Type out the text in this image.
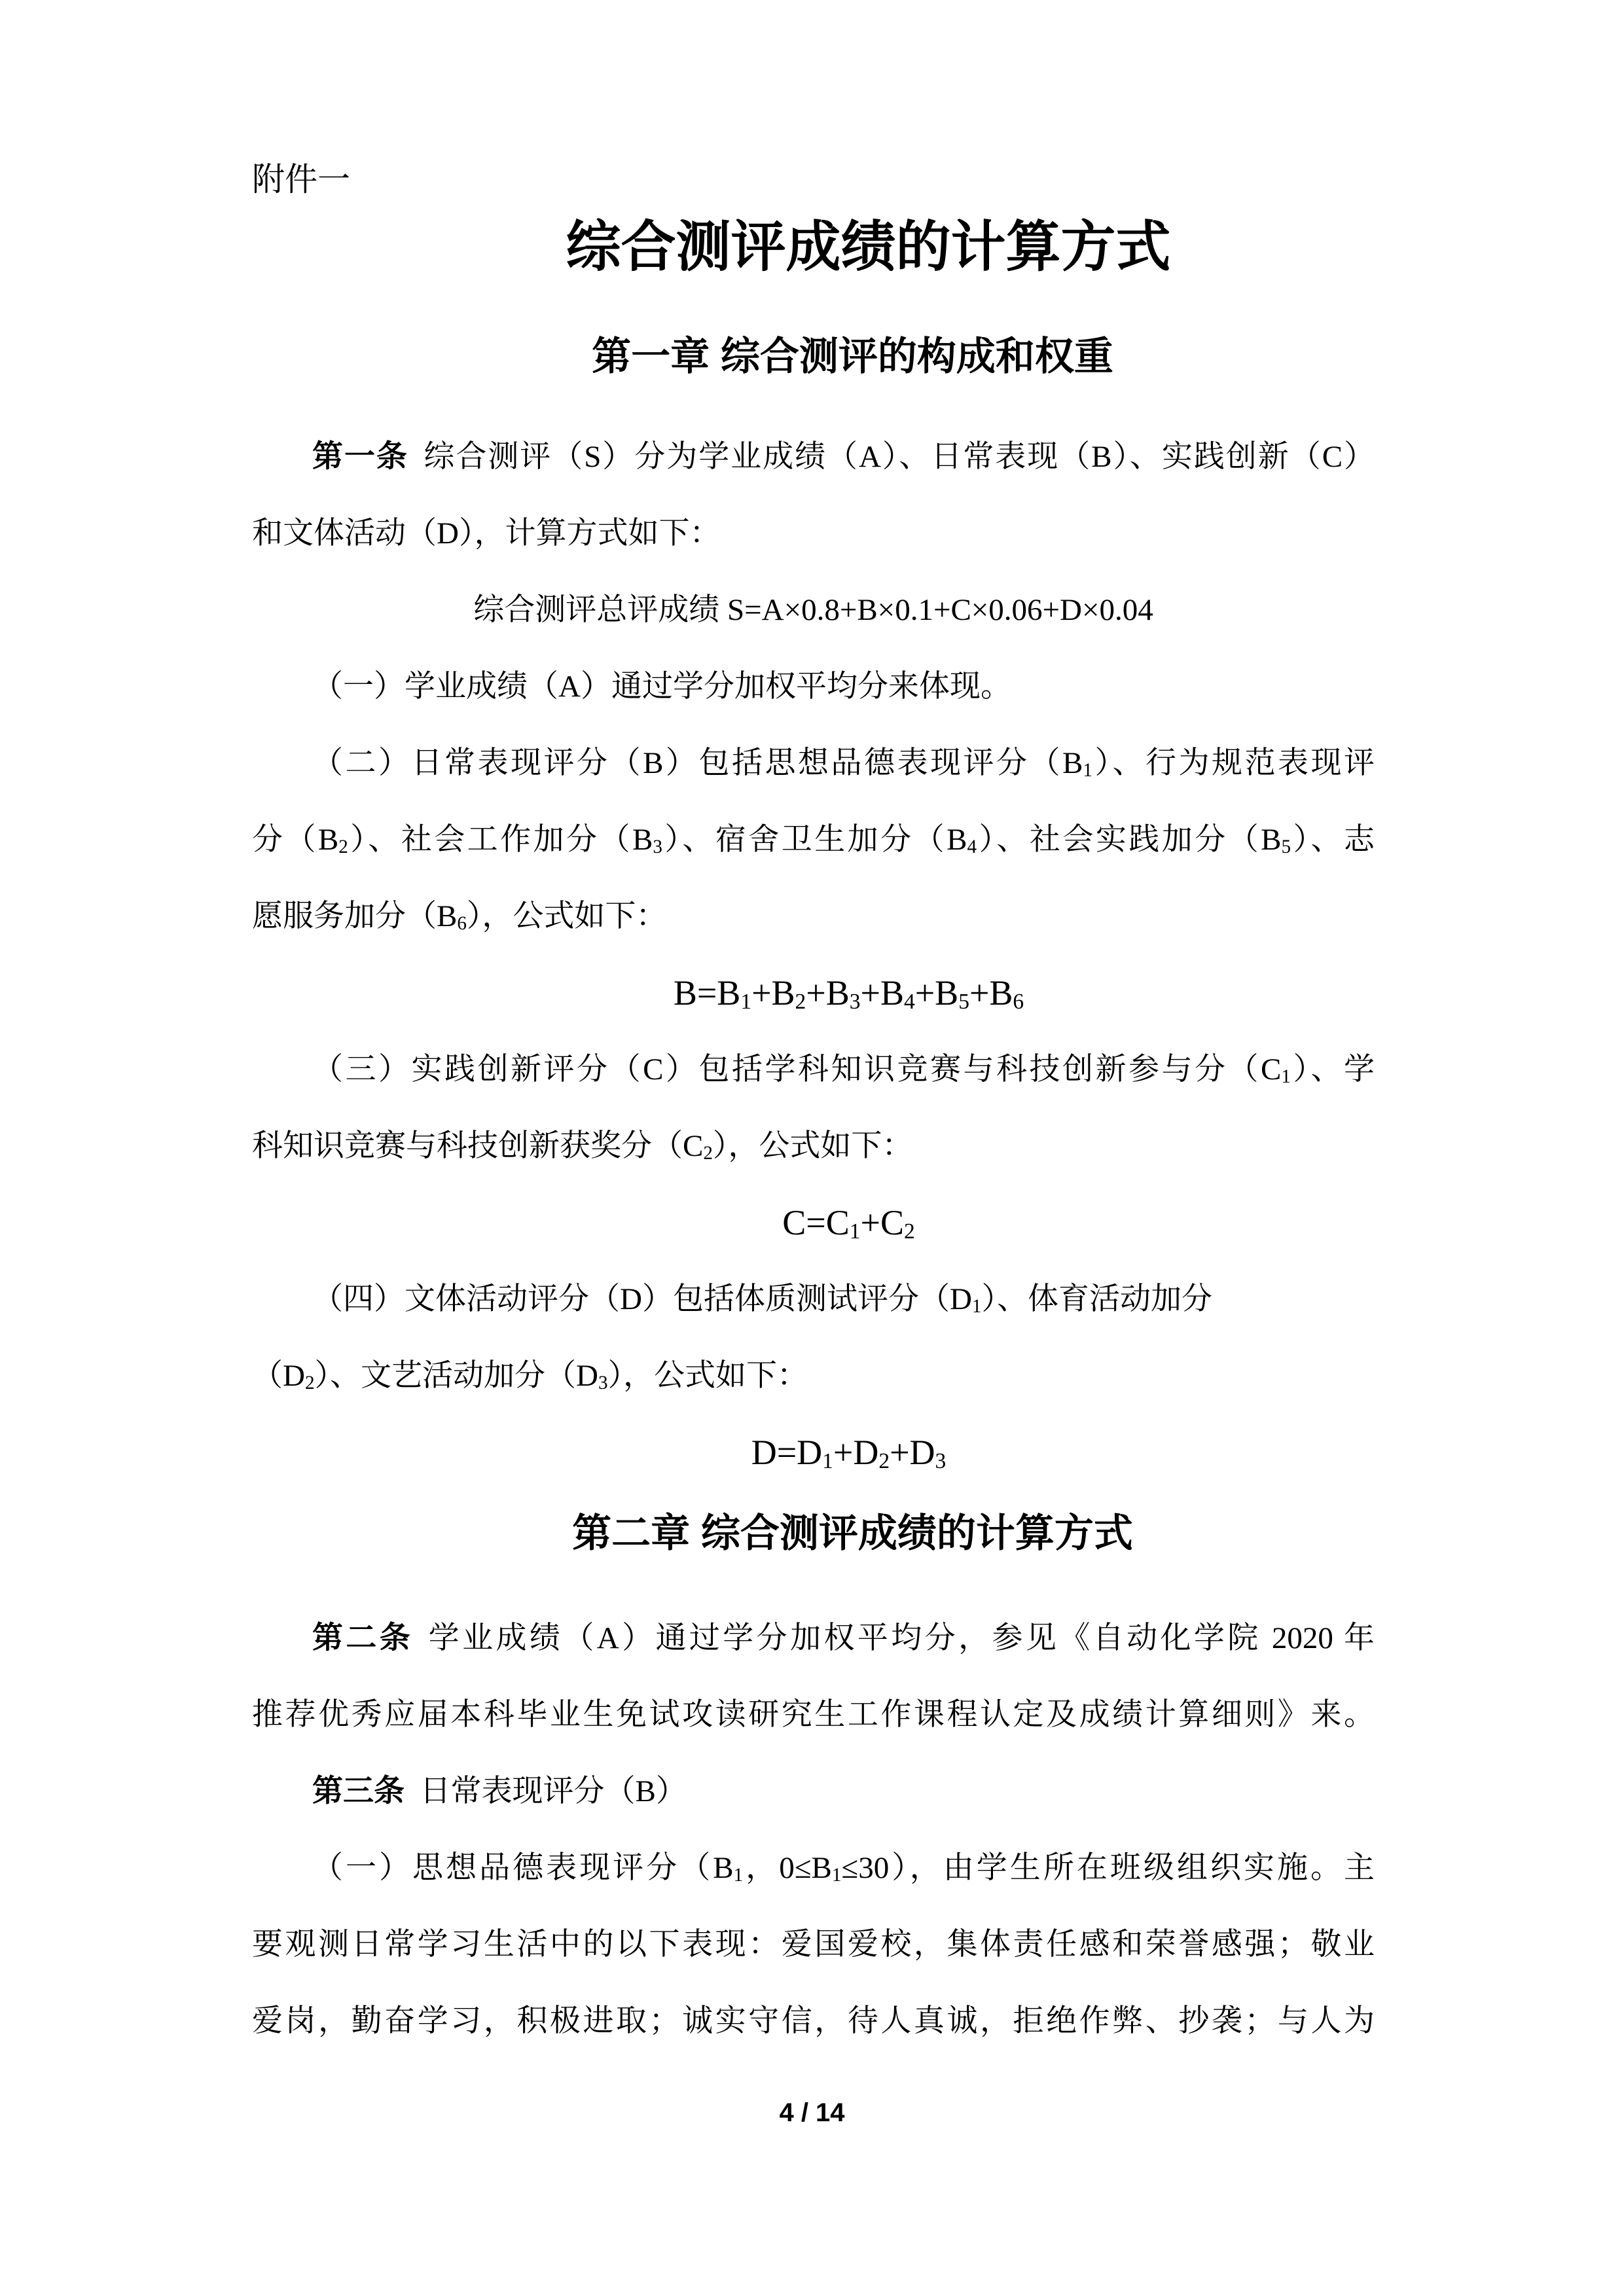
附件一
综合测评成绩的计算方式
第一章 综合测评的构成和权重
第一条 综合测评（S）分为学业成绩（A）、日常表现（B）、实践创新（C）
和文体活动（D），计算方式如下：
综合测评总评成绩 S=A×0.8+B×0.1+C×0.06+D×0.04
（一）学业成绩（A）通过学分加权平均分来体现。
（二）日常表现评分（B）包括思想品德表现评分$(B_1)$、行为规范表现评
分$(B_2)$、社会工作加分$(B_3)$、宿舍卫生加分$(B_4)$、社会实践加分$(B_5)$、志
愿服务加分$(B_6)$，公式如下：
$B=B_1+B_2+B_3+B_4+B_5+B_6$
（三）实践创新评分（C）包括学科知识竞赛与科技创新参与分$(C_1)$、学
科知识竞赛与科技创新获奖分$(C_2)$，公式如下：
$C=C_1+C_2$
（四）文体活动评分（D）包括体质测试评分$(D_1)$、体育活动加分
$(D_2)$、文艺活动加分$(D_3)$，公式如下：
$D=D_1+D_2+D_3$
第二章 综合测评成绩的计算方式
第二条 学业成绩（A）通过学分加权平均分，参见《自动化学院 2020 年
推荐优秀应届本科毕业生免试攻读研究生工作课程认定及成绩计算细则》来。
第三条 日常表现评分（B）
（一）思想品德表现评分（$B_1$，$0\le B_1\le 30$），由学生所在班级组织实施。主
要观测日常学习生活中的以下表现：爱国爱校，集体责任感和荣誉感强；敬业
爱岗，勤奋学习，积极进取；诚实守信，待人真诚，拒绝作弊、抄袭；与人为
4 / 14
